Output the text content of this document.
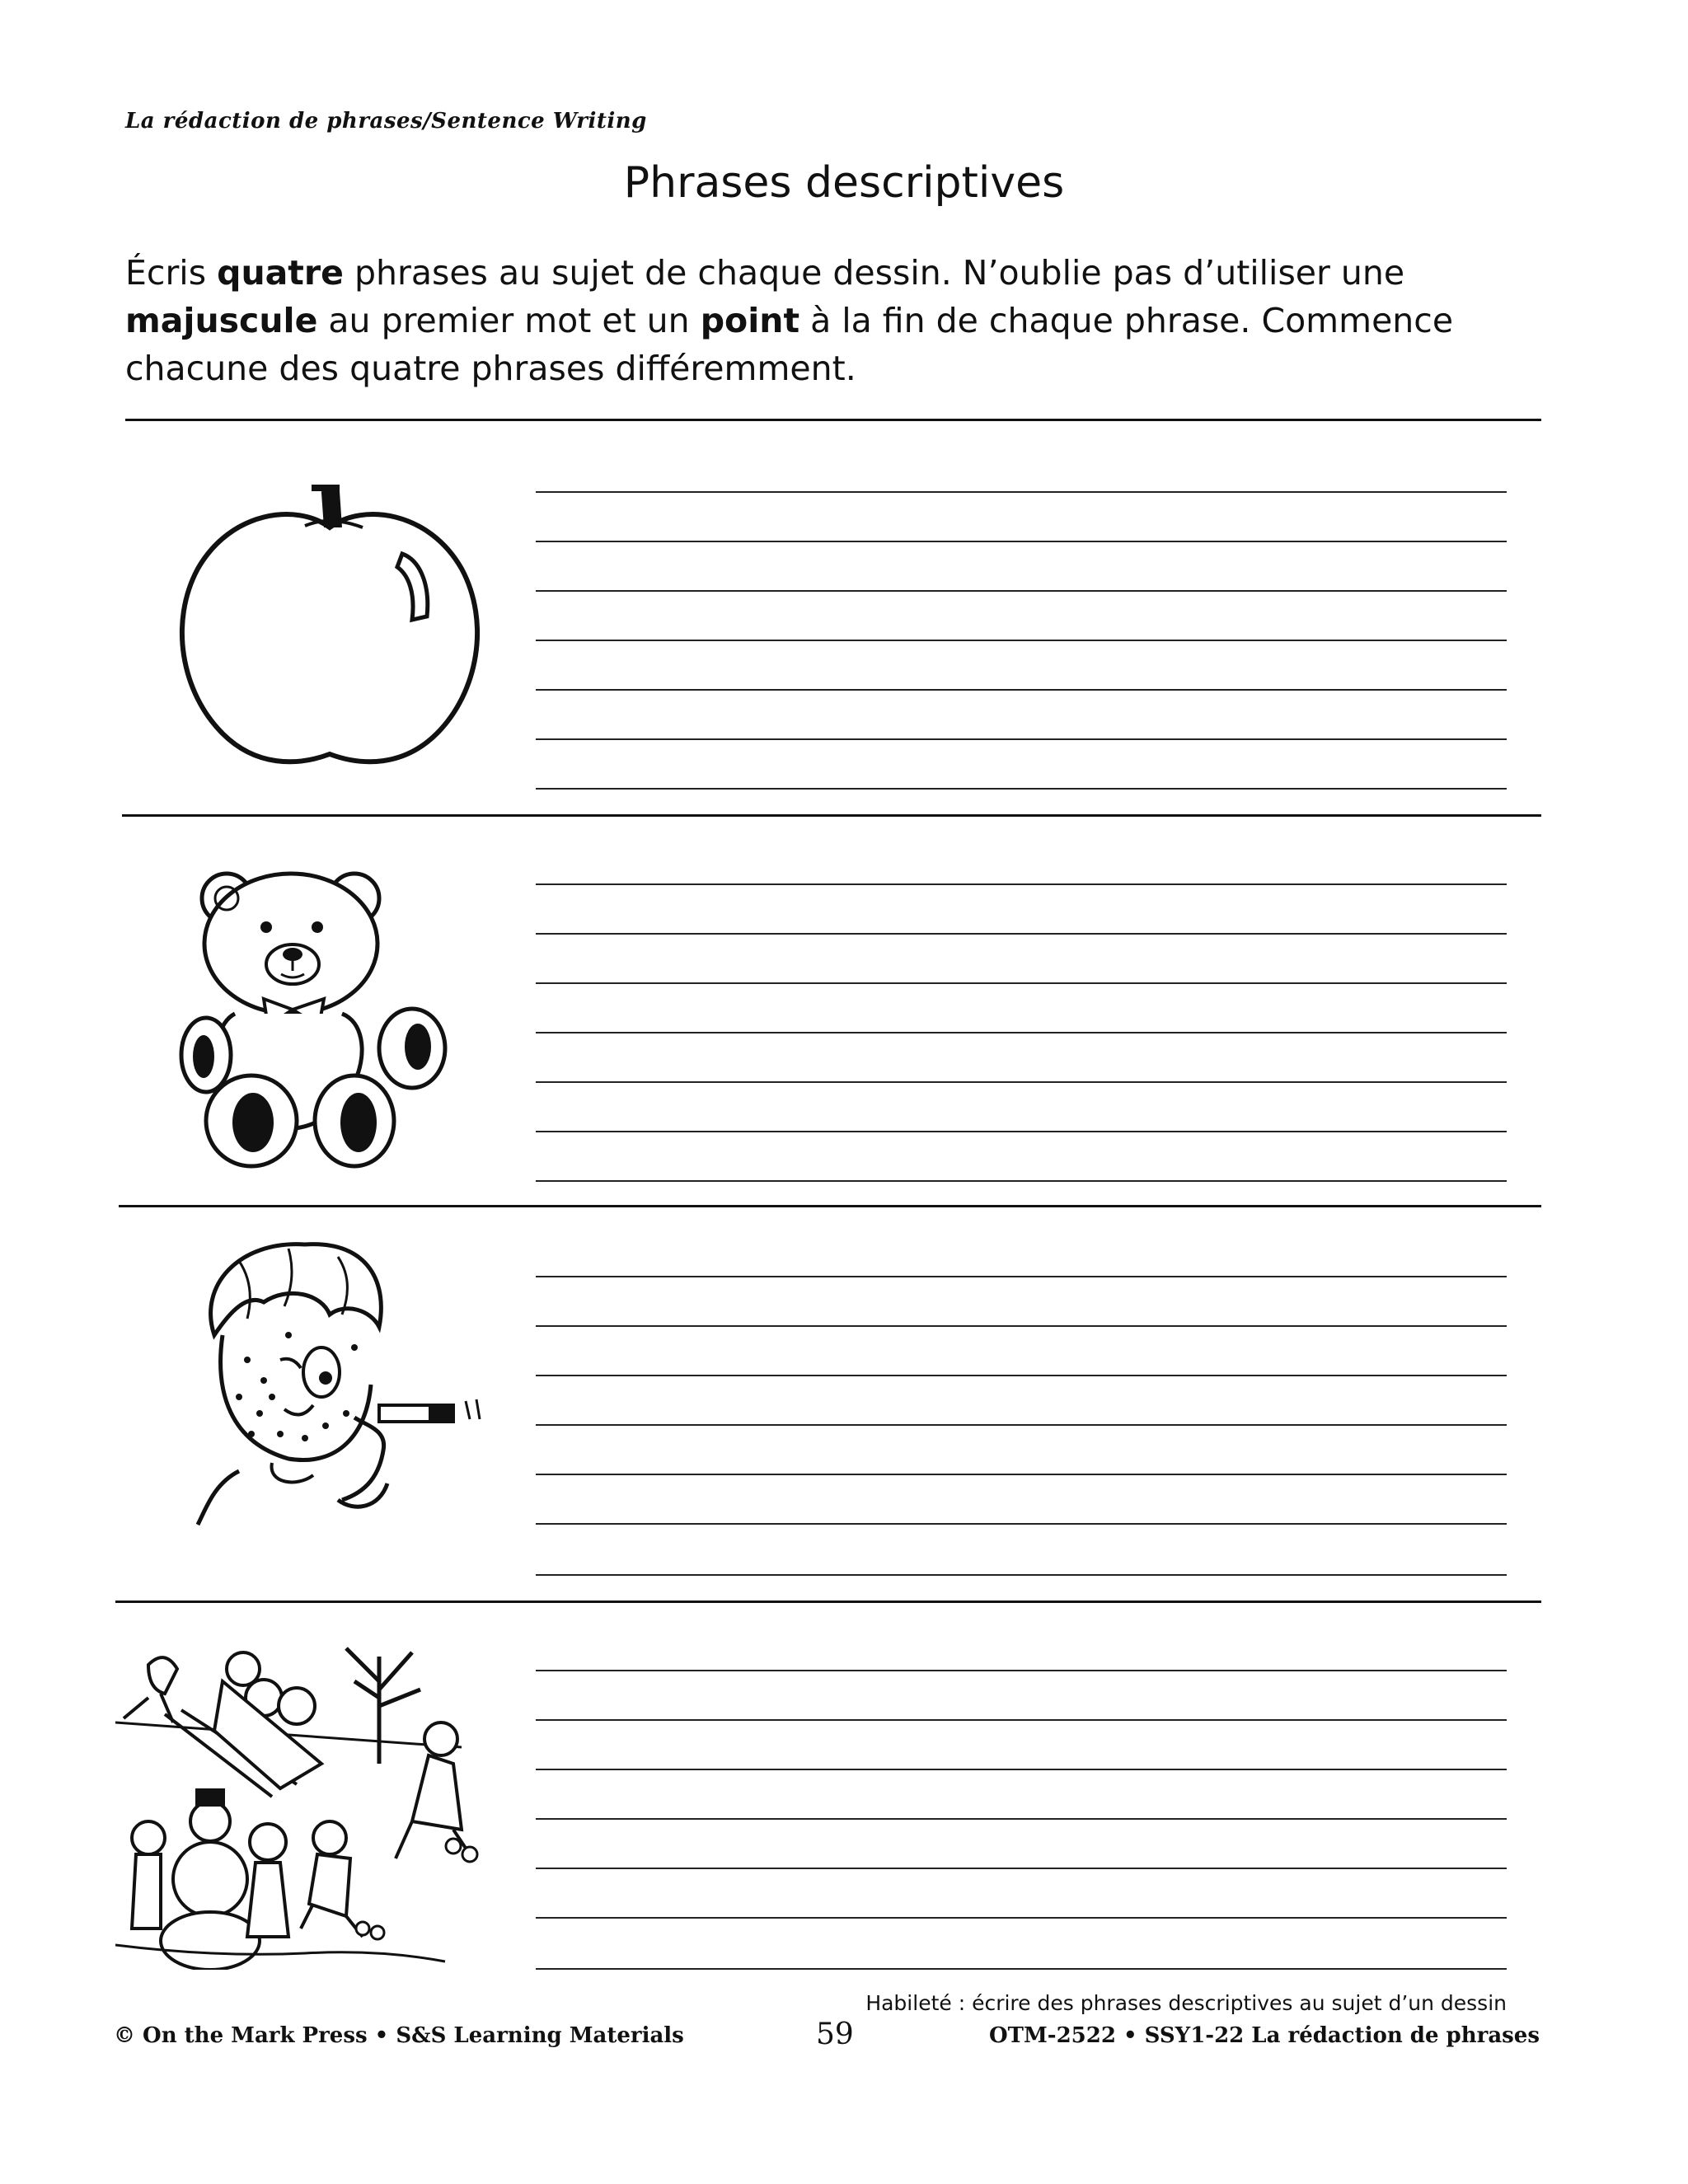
La rédaction de phrases/Sentence Writing
Phrases descriptives
Écris quatre phrases au sujet de chaque dessin. N’oublie pas d’utiliser une majuscule au premier mot et un point à la fin de chaque phrase. Commence chacune des quatre phrases différemment.
Habileté : écrire des phrases descriptives au sujet d’un dessin
© On the Mark Press • S&S Learning Materials	59	OTM-2522 • SSY1-22 La rédaction de phrases
